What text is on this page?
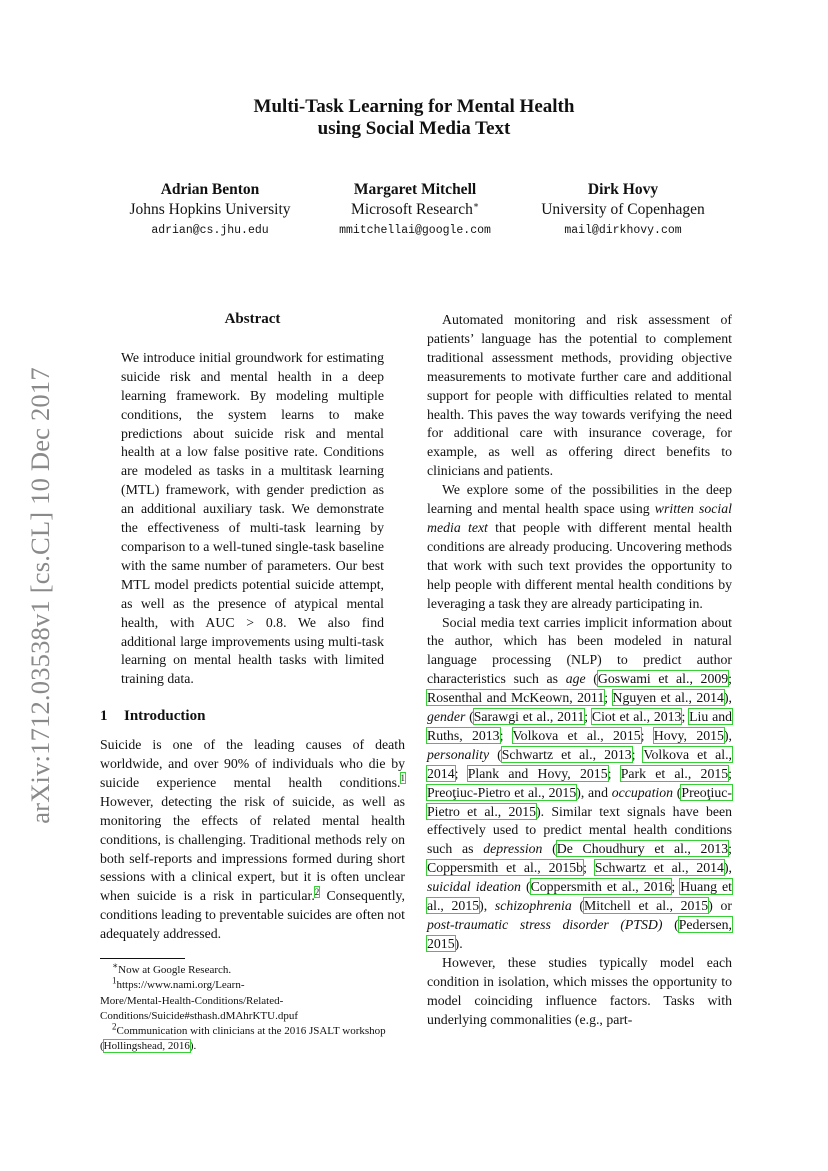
arXiv:1712.03538v1 [cs.CL] 10 Dec 2017
Multi-Task Learning for Mental Health
using Social Media Text
Adrian Benton
Johns Hopkins University
adrian@cs.jhu.edu
Margaret Mitchell
Microsoft Research∗
mmitchellai@google.com
Dirk Hovy
University of Copenhagen
mail@dirkhovy.com
Abstract

We introduce initial groundwork for estimating suicide risk and mental health in a deep learning framework. By modeling multiple conditions, the system learns to make predictions about suicide risk and mental health at a low false positive rate. Conditions are modeled as tasks in a multitask learning (MTL) framework, with gender prediction as an additional auxiliary task. We demonstrate the effectiveness of multi-task learning by comparison to a well-tuned single-task baseline with the same number of parameters. Our best MTL model predicts potential suicide attempt, as well as the presence of atypical mental health, with AUC > 0.8. We also find additional large improvements using multi-task learning on mental health tasks with limited training data.

1 Introduction

Suicide is one of the leading causes of death worldwide, and over 90% of individuals who die by suicide experience mental health conditions.$^1$ However, detecting the risk of suicide, as well as monitoring the effects of related mental health conditions, is challenging. Traditional methods rely on both self-reports and impressions formed during short sessions with a clinical expert, but it is often unclear when suicide is a risk in particular.$^2$ Consequently, conditions leading to preventable suicides are often not adequately addressed.

∗Now at Google Research.
$^1$https://www.nami.org/Learn-
More/Mental-Health-Conditions/Related-
Conditions/Suicide#sthash.dMAhrKTU.dpuf
$^2$Communication with clinicians at the 2016 JSALT workshop (Hollingshead, 2016).

Automated monitoring and risk assessment of patients’ language has the potential to complement traditional assessment methods, providing objective measurements to motivate further care and additional support for people with difficulties related to mental health. This paves the way towards verifying the need for additional care with insurance coverage, for example, as well as offering direct benefits to clinicians and patients.

We explore some of the possibilities in the deep learning and mental health space using written social media text that people with different mental health conditions are already producing. Uncovering methods that work with such text provides the opportunity to help people with different mental health conditions by leveraging a task they are already participating in.

Social media text carries implicit information about the author, which has been modeled in natural language processing (NLP) to predict author characteristics such as age (Goswami et al., 2009; Rosenthal and McKeown, 2011; Nguyen et al., 2014), gender (Sarawgi et al., 2011; Ciot et al., 2013; Liu and Ruths, 2013; Volkova et al., 2015; Hovy, 2015), personality (Schwartz et al., 2013; Volkova et al., 2014; Plank and Hovy, 2015; Park et al., 2015; Preoţiuc-Pietro et al., 2015), and occupation (Preoţiuc-Pietro et al., 2015). Similar text signals have been effectively used to predict mental health conditions such as depression (De Choudhury et al., 2013; Coppersmith et al., 2015b; Schwartz et al., 2014), suicidal ideation (Coppersmith et al., 2016; Huang et al., 2015), schizophrenia (Mitchell et al., 2015) or post-traumatic stress disorder (PTSD) (Pedersen, 2015).

However, these studies typically model each condition in isolation, which misses the opportunity to model coinciding influence factors. Tasks with underlying commonalities (e.g., part-
